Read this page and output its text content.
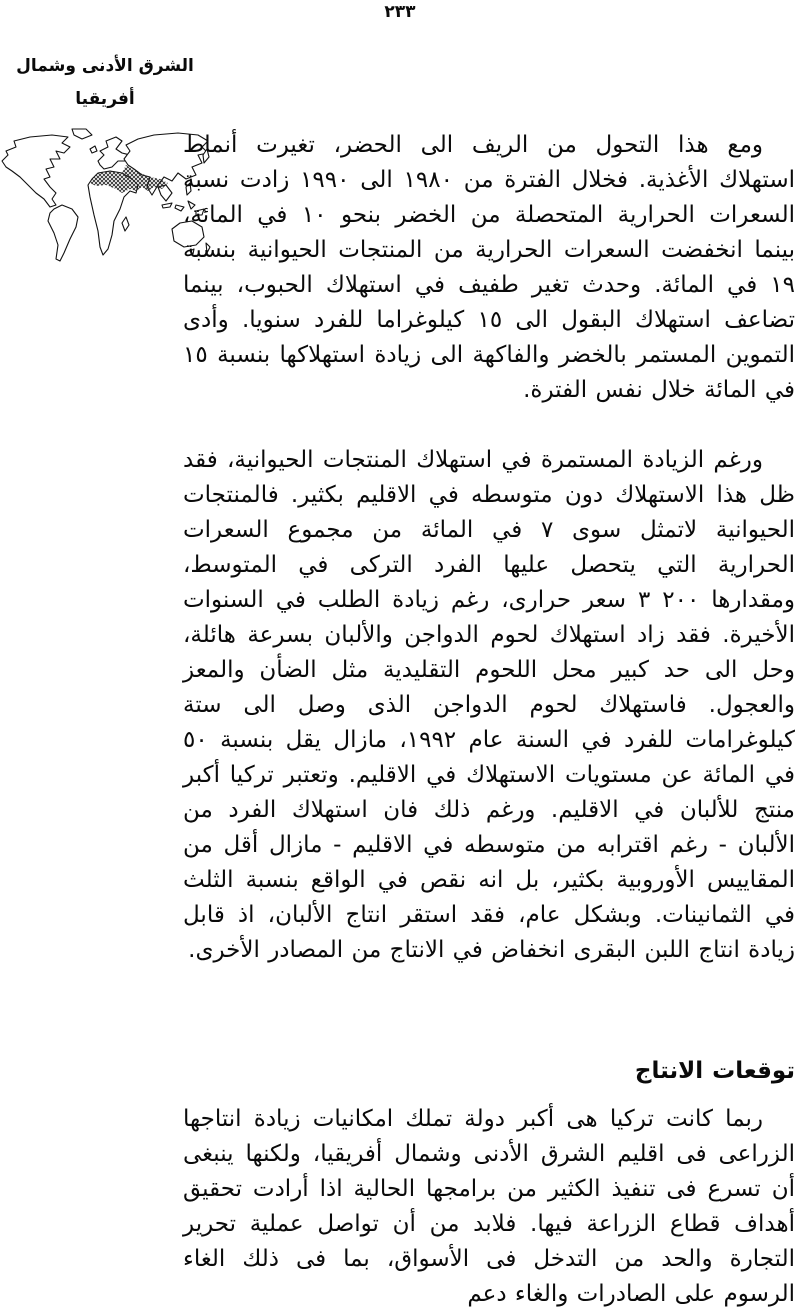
٢٣٣
الشرق الأدنى وشمال
أفريقيا

ومع هذا التحول من الريف الى الحضر، تغيرت أنماط استهلاك الأغذية. فخلال الفترة من ١٩٨٠ الى ١٩٩٠ زادت نسبة السعرات الحرارية المتحصلة من الخضر بنحو ١٠ في المائة، بينما انخفضت السعرات الحرارية من المنتجات الحيوانية بنسبة ١٩ في المائة. وحدث تغير طفيف في استهلاك الحبوب، بينما تضاعف استهلاك البقول الى ١٥ كيلوغراما للفرد سنويا. وأدى التموين المستمر بالخضر والفاكهة الى زيادة استهلاكها بنسبة ١٥ في المائة خلال نفس الفترة.

ورغم الزيادة المستمرة في استهلاك المنتجات الحيوانية، فقد ظل هذا الاستهلاك دون متوسطه في الاقليم بكثير. فالمنتجات الحيوانية لاتمثل سوى ٧ في المائة من مجموع السعرات الحرارية التي يتحصل عليها الفرد التركى في المتوسط، ومقدارها ٣ ٢٠٠ سعر حرارى، رغم زيادة الطلب في السنوات الأخيرة. فقد زاد استهلاك لحوم الدواجن والألبان بسرعة هائلة، وحل الى حد كبير محل اللحوم التقليدية مثل الضأن والمعز والعجول. فاستهلاك لحوم الدواجن الذى وصل الى ستة كيلوغرامات للفرد في السنة عام ١٩٩٢، مازال يقل بنسبة ٥٠ في المائة عن مستويات الاستهلاك في الاقليم. وتعتبر تركيا أكبر منتج للألبان في الاقليم. ورغم ذلك فان استهلاك الفرد من الألبان - رغم اقترابه من متوسطه في الاقليم - مازال أقل من المقاييس الأوروبية بكثير، بل انه نقص في الواقع بنسبة الثلث في الثمانينات. وبشكل عام، فقد استقر انتاج الألبان، اذ قابل زيادة انتاج اللبن البقرى انخفاض في الانتاج من المصادر الأخرى.

توقعات الانتاج

ربما كانت تركيا هى أكبر دولة تملك امكانيات زيادة انتاجها الزراعى فى اقليم الشرق الأدنى وشمال أفريقيا، ولكنها ينبغى أن تسرع فى تنفيذ الكثير من برامجها الحالية اذا أرادت تحقيق أهداف قطاع الزراعة فيها. فلابد من أن تواصل عملية تحرير التجارة والحد من التدخل فى الأسواق، بما فى ذلك الغاء الرسوم على الصادرات والغاء دعم
